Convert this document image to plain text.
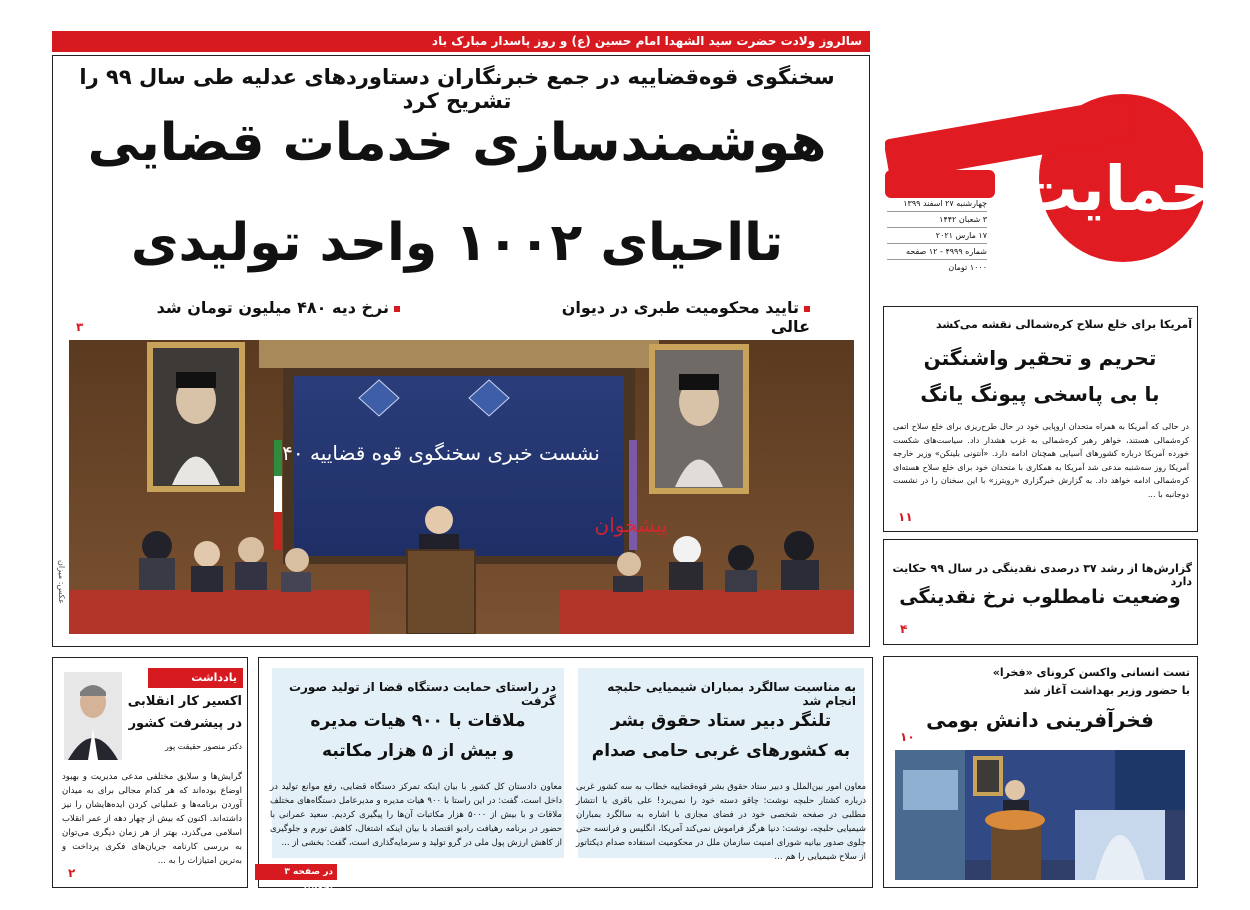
سالروز ولادت حضرت سید الشهدا امام حسین (ع) و روز پاسدار مبارک باد
سخنگوی قوه‌قضاییه در جمع خبرنگاران دستاوردهای عدلیه طی سال ۹۹ را تشریح کرد
هوشمندسازی خدمات قضایی
تااحیای ۱۰۰۲ واحد تولیدی
تایید محکومیت طبری در دیوان عالی
نرخ دیه ۴۸۰ میلیون تومان شد
۳
نشست خبری سخنگوی قوه قضاییه ۴۰
پیشخوان
عکس: میزان
حمایت
چهارشنبه ۲۷ اسفند ۱۳۹۹
۳ شعبان ۱۴۴۲
۱۷ مارس ۲۰۲۱
شماره ۴۹۹۹ - ۱۲ صفحه
۱۰۰۰ تومان
آمریکا برای خلع سلاح کره‌شمالی نقشه می‌کشد
تحریم و تحقیر واشنگتن
با بی پاسخی پیونگ یانگ
در حالی که آمریکا به همراه متحدان اروپایی خود در حال طرح‌ریزی برای خلع سلاح اتمی کره‌شمالی هستند، خواهر رهبر کره‌شمالی به غرب هشدار داد. سیاست‌های شکست خورده آمریکا درباره کشورهای آسیایی همچنان ادامه دارد. «آنتونی بلینکن» وزیر خارجه آمریکا روز سه‌شنبه مدعی شد آمریکا به همکاری با متحدان خود برای خلع سلاح هسته‌ای کره‌شمالی ادامه خواهد داد. به گزارش خبرگزاری «رویترز» با این سخنان را در نشست دوجانبه با ...
۱۱
گزارش‌ها از رشد ۳۷ درصدی نقدینگی در سال ۹۹ حکایت دارد
وضعیت نامطلوب نرخ نقدینگی
۴
تست انسانی واکسن کرونای «فخرا»
با حضور وزیر بهداشت آغاز شد
فخرآفرینی دانش بومی
۱۰
یادداشت
اکسیر کار انقلابی
در پیشرفت کشور
دکتر منصور حقیقت پور
گرایش‌ها و سلایق مختلفی مدعی مدیریت و بهبود اوضاع بوده‌اند که هر کدام مجالی برای به میدان آوردن برنامه‌ها و عملیاتی کردن ایده‌هایشان را نیز داشته‌اند. اکنون که بیش از چهار دهه از عمر انقلاب اسلامی می‌گذرد، بهتر از هر زمان دیگری می‌توان به بررسی کارنامه جریان‌های فکری پرداخت و به‌ترین امتیازات را به ...
۲
در راستای حمایت دستگاه قضا از تولید صورت گرفت
ملاقات با ۹۰۰ هیات مدیره
و بیش از ۵ هزار مکاتبه
معاون دادستان کل کشور با بیان اینکه تمرکز دستگاه قضایی، رفع موانع تولید در داخل است، گفت: در این راستا با ۹۰۰ هیات مدیره و مدیرعامل دستگاه‌های مختلف ملاقات و با بیش از ۵۰۰۰ هزار مکاتبات آن‌ها را پیگیری کردیم. سعید عمرانی با حضور در برنامه رهیافت رادیو اقتصاد با بیان اینکه اشتغال، کاهش تورم و جلوگیری از کاهش ارزش پول ملی در گرو تولید و سرمایه‌گذاری است، گفت: بخشی از ...
به مناسبت سالگرد بمباران شیمیایی حلبچه انجام شد
تلنگر دبیر ستاد حقوق بشر
به کشورهای غربی حامی صدام
معاون امور بین‌الملل و دبیر ستاد حقوق بشر قوه‌قضاییه خطاب به سه کشور غربی درباره کشتار حلبچه نوشت: چاقو دسته خود را نمی‌برد! علی باقری با انتشار مطلبی در صفحه شخصی خود در فضای مجازی با اشاره به سالگرد بمباران شیمیایی حلبچه، نوشت: دنیا هرگز فراموش نمی‌کند آمریکا، انگلیس و فرانسه حتی جلوی صدور بیانیه شورای امنیت سازمان ملل در محکومیت استفاده صدام دیکتاتور از سلاح شیمیایی را هم ...
در صفحه ۳ بخوانید
